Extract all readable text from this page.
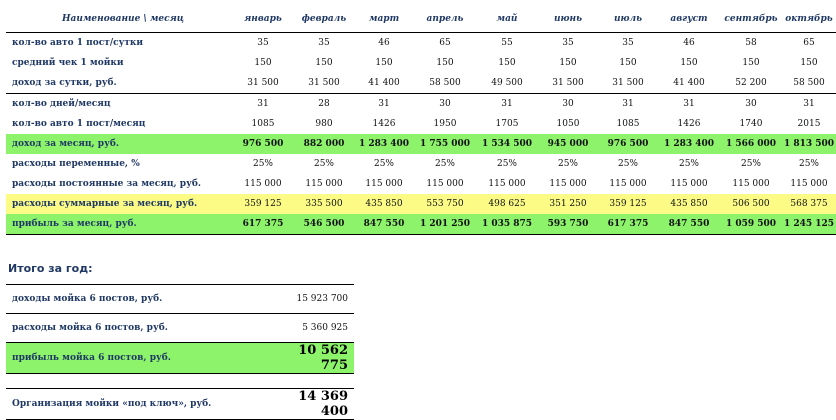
Наименование \ месяц	январь	февраль	март	апрель	май	июнь	июль	август	сентябрь	октябрь
кол-во авто 1 пост/сутки	35	35	46	65	55	35	35	46	58	65
средний чек 1 мойки	150	150	150	150	150	150	150	150	150	150
доход за сутки, руб.	31 500	31 500	41 400	58 500	49 500	31 500	31 500	41 400	52 200	58 500
кол-во дней/месяц	31	28	31	30	31	30	31	31	30	31
кол-во авто 1 пост/месяц	1085	980	1426	1950	1705	1050	1085	1426	1740	2015
доход за месяц, руб.	976 500	882 000	1 283 400	1 755 000	1 534 500	945 000	976 500	1 283 400	1 566 000	1 813 500
расходы переменные, %	25%	25%	25%	25%	25%	25%	25%	25%	25%	25%
расходы постоянные за месяц, руб.	115 000	115 000	115 000	115 000	115 000	115 000	115 000	115 000	115 000	115 000
расходы суммарные за месяц, руб.	359 125	335 500	435 850	553 750	498 625	351 250	359 125	435 850	506 500	568 375
прибыль за месяц, руб.	617 375	546 500	847 550	1 201 250	1 035 875	593 750	617 375	847 550	1 059 500	1 245 125
Итого за год:
доходы мойка 6 постов, руб.	15 923 700
расходы мойка 6 постов, руб.	5 360 925
прибыль мойка 6 постов, руб.	10 562 775

Организация мойки «под ключ», руб.	14 369 400
